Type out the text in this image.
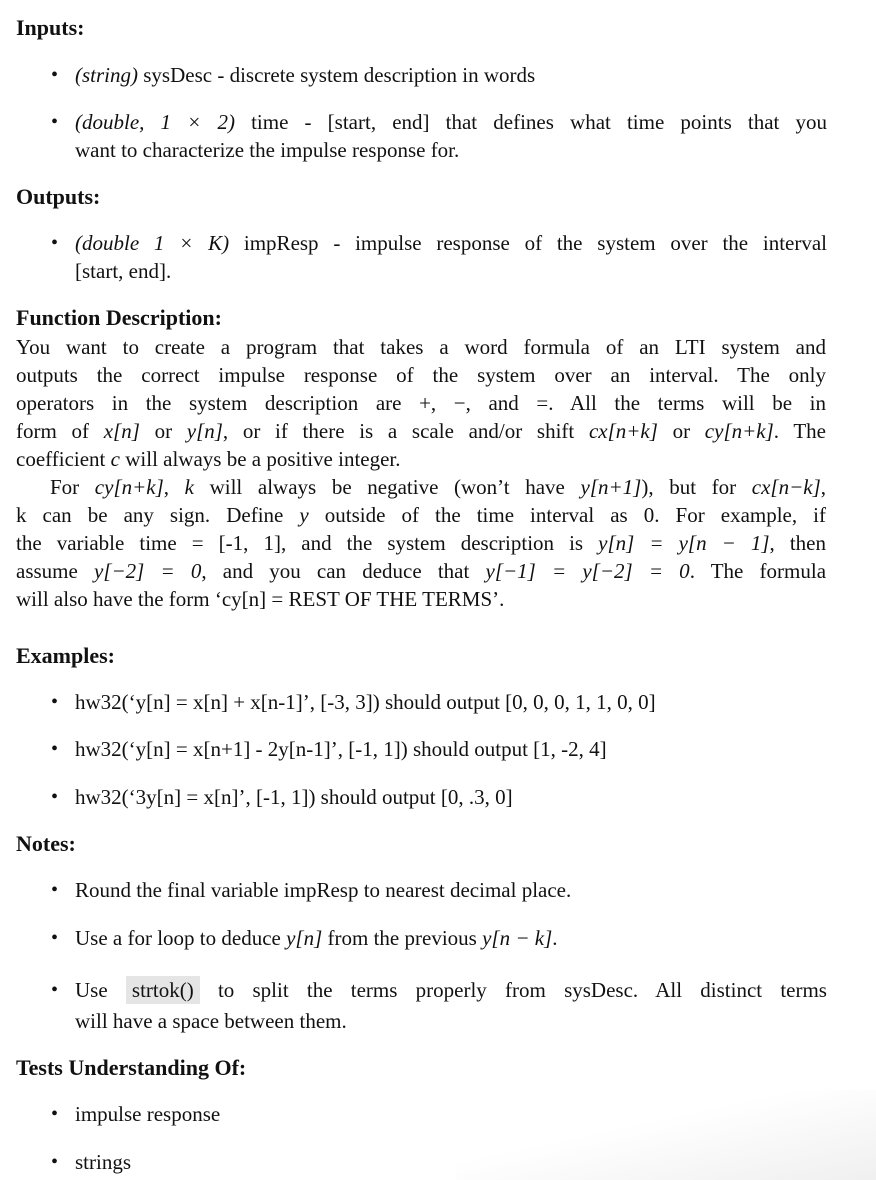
Inputs:
• (string) sysDesc - discrete system description in words
• (double, 1 × 2) time - [start, end] that defines what time points that you
want to characterize the impulse response for.
Outputs:
• (double 1 × K) impResp - impulse response of the system over the interval
[start, end].
Function Description:
You want to create a program that takes a word formula of an LTI system and
outputs the correct impulse response of the system over an interval. The only
operators in the system description are +, −, and =. All the terms will be in
form of x[n] or y[n], or if there is a scale and/or shift cx[n+k] or cy[n+k]. The
coefficient c will always be a positive integer.
For cy[n+k], k will always be negative (won’t have y[n+1]), but for cx[n−k],
k can be any sign. Define y outside of the time interval as 0. For example, if
the variable time = [-1, 1], and the system description is y[n] = y[n − 1], then
assume y[−2] = 0, and you can deduce that y[−1] = y[−2] = 0. The formula
will also have the form ‘cy[n] = REST OF THE TERMS’.
Examples:
• hw32(‘y[n] = x[n] + x[n-1]’, [-3, 3]) should output [0, 0, 0, 1, 1, 0, 0]
• hw32(‘y[n] = x[n+1] - 2y[n-1]’, [-1, 1]) should output [1, -2, 4]
• hw32(‘3y[n] = x[n]’, [-1, 1]) should output [0, .3, 0]
Notes:
• Round the final variable impResp to nearest decimal place.
• Use a for loop to deduce y[n] from the previous y[n − k].
• Use strtok() to split the terms properly from sysDesc. All distinct terms
will have a space between them.
Tests Understanding Of:
• impulse response
• strings
